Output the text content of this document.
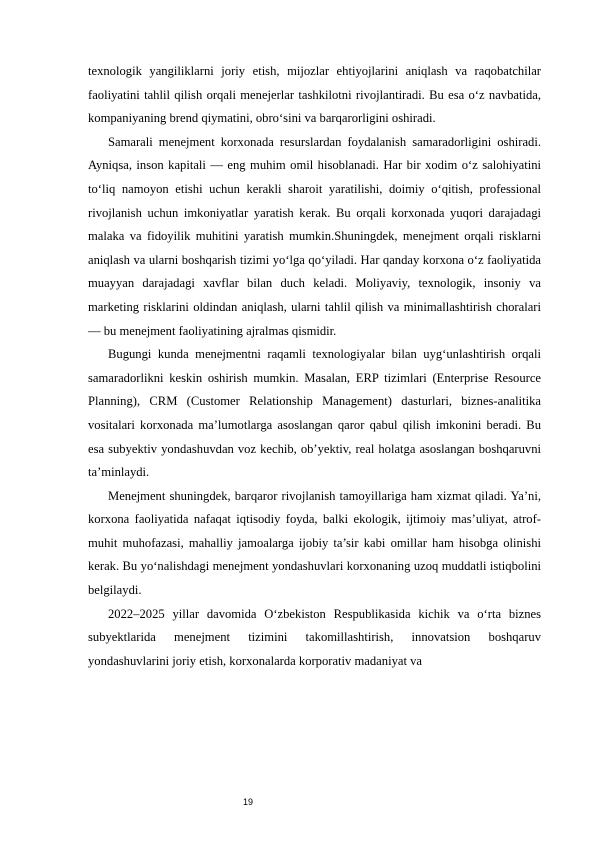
texnologik yangiliklarni joriy etish, mijozlar ehtiyojlarini aniqlash va raqobatchilar faoliyatini tahlil qilish orqali menejerlar tashkilotni rivojlantiradi. Bu esa o‘z navbatida, kompaniyaning brend qiymatini, obro‘sini va barqarorligini oshiradi.

Samarali menejment korxonada resurslardan foydalanish samaradorligini oshiradi. Ayniqsa, inson kapitali — eng muhim omil hisoblanadi. Har bir xodim o‘z salohiyatini to‘liq namoyon etishi uchun kerakli sharoit yaratilishi, doimiy o‘qitish, professional rivojlanish uchun imkoniyatlar yaratish kerak. Bu orqali korxonada yuqori darajadagi malaka va fidoyilik muhitini yaratish mumkin.Shuningdek, menejment orqali risklarni aniqlash va ularni boshqarish tizimi yo‘lga qo‘yiladi. Har qanday korxona o‘z faoliyatida muayyan darajadagi xavflar bilan duch keladi. Moliyaviy, texnologik, insoniy va marketing risklarini oldindan aniqlash, ularni tahlil qilish va minimallashtirish choralari — bu menejment faoliyatining ajralmas qismidir.

Bugungi kunda menejmentni raqamli texnologiyalar bilan uyg‘unlashtirish orqali samaradorlikni keskin oshirish mumkin. Masalan, ERP tizimlari (Enterprise Resource Planning), CRM (Customer Relationship Management) dasturlari, biznes-analitika vositalari korxonada ma’lumotlarga asoslangan qaror qabul qilish imkonini beradi. Bu esa subyektiv yondashuvdan voz kechib, ob’yektiv, real holatga asoslangan boshqaruvni ta’minlaydi.

Menejment shuningdek, barqaror rivojlanish tamoyillariga ham xizmat qiladi. Ya’ni, korxona faoliyatida nafaqat iqtisodiy foyda, balki ekologik, ijtimoiy mas’uliyat, atrof-muhit muhofazasi, mahalliy jamoalarga ijobiy ta’sir kabi omillar ham hisobga olinishi kerak. Bu yo‘nalishdagi menejment yondashuvlari korxonaning uzoq muddatli istiqbolini belgilaydi.

2022–2025 yillar davomida O‘zbekiston Respublikasida kichik va o‘rta biznes subyektlarida menejment tizimini takomillashtirish, innovatsion boshqaruv yondashuvlarini joriy etish, korxonalarda korporativ madaniyat va

19
